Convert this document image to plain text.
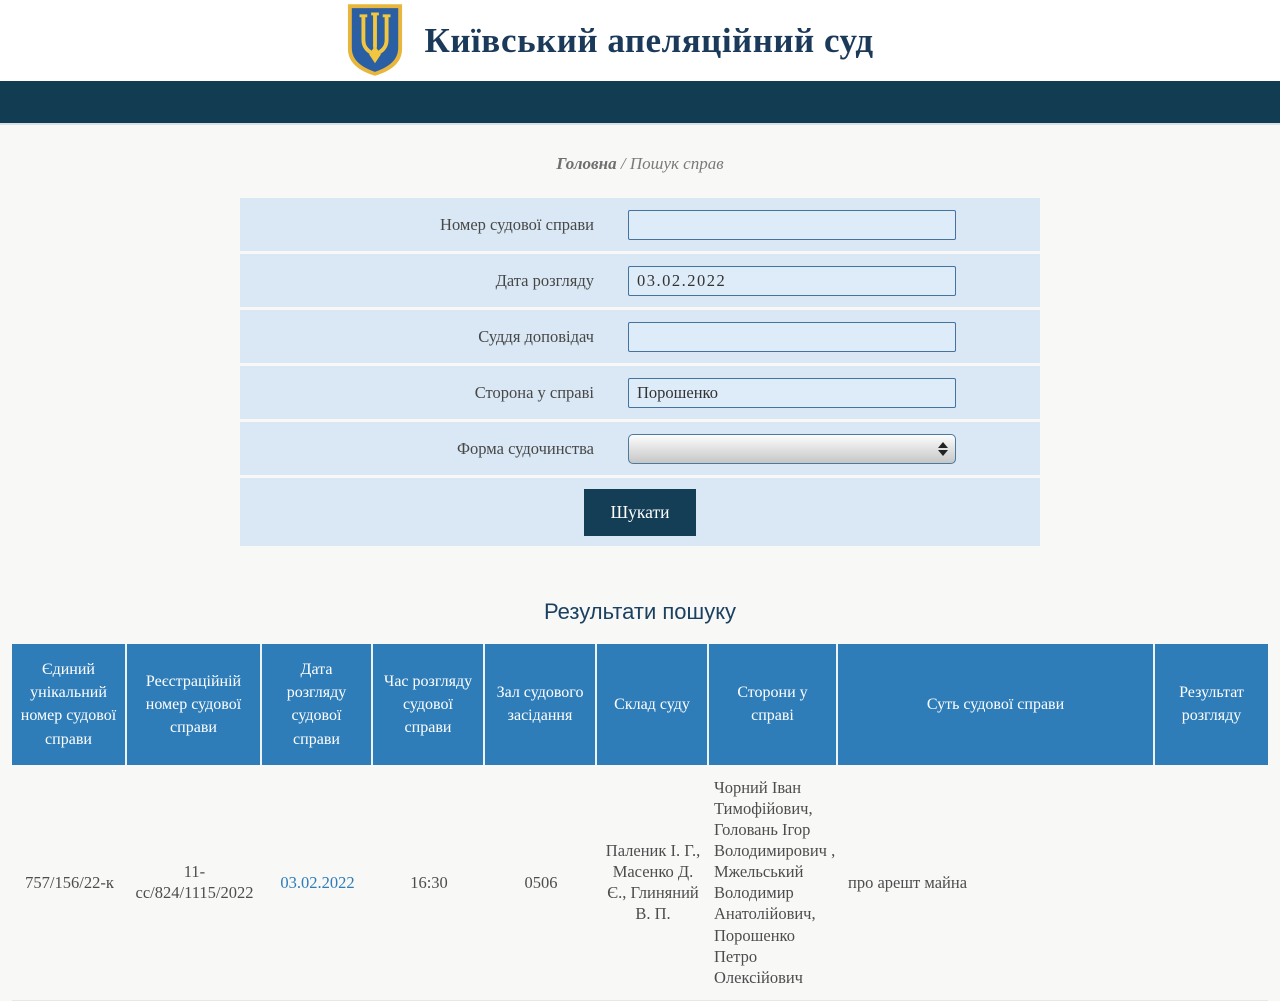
Київський апеляційний суд
Головна / Пошук справ
Номер судової справи
Дата розгляду
03.02.2022
Суддя доповідач
Сторона у справі
Порошенко
Форма судочинства
Шукати
Результати пошуку
Єдиний унікальний номер судової справи	Реєстраційній номер судової справи	Дата розгляду судової справи	Час розгляду судової справи	Зал судового засідання	Склад суду	Сторони у справі	Суть судової справи	Результат розгляду
757/156/22-к	11-сс/824/1115/2022	03.02.2022	16:30	0506	Паленик І. Г., Масенко Д. Є., Глиняний В. П.	Чорний Іван Тимофійович, Головань Ігор Володимирович , Мжельський Володимир Анатолійович, Порошенко Петро Олексійович	про арешт майна	
